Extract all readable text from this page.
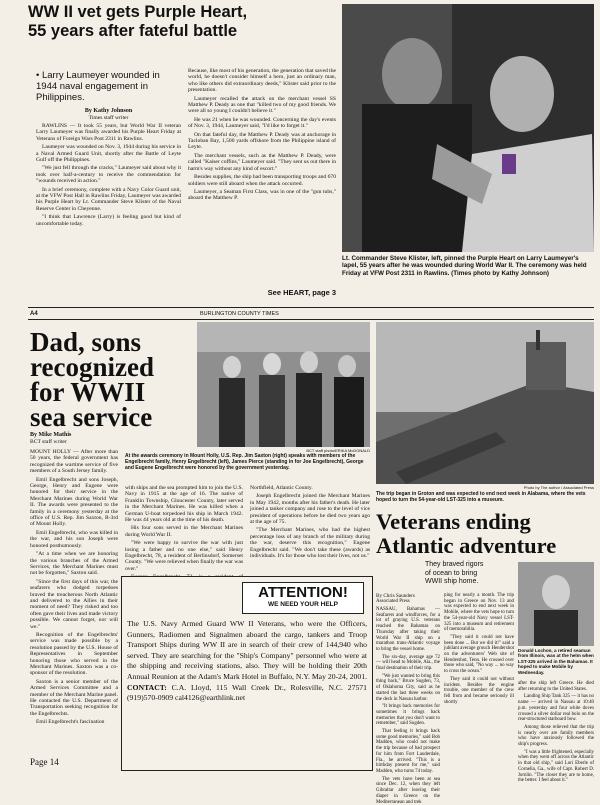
WW II vet gets Purple Heart,
55 years after fateful battle
• Larry Laumeyer wounded in
1944 naval engagement in
Philippines.
By Kathy Johnson
Times staff writer

RAWLINS — It took 55 years, but World War II veteran Larry Laumeyer was finally awarded his Purple Heart Friday at Veterans of Foreign Wars Post 2311 in Rawlins.

Laumeyer was wounded on Nov. 3, 1944 during his service in a Naval Armed Guard Unit, shortly after the Battle of Leyte Gulf off the Philippines.

"We just fell through the cracks," Laumeyer said about why it took over half-a-century to receive the commendation for "wounds received in action."

In a brief ceremony, complete with a Navy Color Guard unit, at the VFW Post Hall in Rawlins Friday, Laumeyer was awarded his Purple Heart by Lt. Commander Steve Klister of the Naval Reserve Center in Cheyenne.

"I think that Lawrence (Larry) is feeling good but kind of uncomfortable today.

Because, like most of his generation, the generation that saved the world, he doesn't consider himself a hero, just an ordinary man, who like others did extraordinary deeds," Klister said prior to the presentation.

Laumeyer recalled the attack on the merchant vessel SS Matthew P. Deady as one that "killed two of my good friends. We were all so young I couldn't believe it."

He was 21 when he was wounded. Concerning the day's events of Nov. 3, 1944, Laumeyer said, "I'd like to forget it."

On that fateful day, the Matthew P. Deady was at anchorage in Tacloban Bay, 1,500 yards offshore from the Philippine island of Leyte.

The merchant vessels, such as the Matthew P. Deady, were called "Kaiser coffins," Laumeyer said. "They sent us out there in harm's way without any kind of escort."

Besides supplies, the ship had been transporting troops and 670 soldiers were still aboard when the attack occurred.

Laumeyer, a Seaman First Class, was in one of the "gun tubs," aboard the Matthew P.

See HEART, page 3
Lt. Commander Steve Klister, left, pinned the Purple Heart on Larry Laumeyer's lapel, 55 years after he was wounded during World War II. The ceremony was held Friday at VFW Post 2311 in Rawlins. (Times photo by Kathy Johnson)
A4	BURLINGTON COUNTY TIMES
Dad, sons
recognized
for WWII
sea service
By Mike Mathis
BCT staff writer
BCT staff photo/ERIKA McDONALD
At the awards ceremony in Mount Holly, U.S. Rep. Jim Saxton (right) speaks with members of the Engelbrecht family, Henry Engelbrecht (left), James Pierce (standing in for Joe Engelbrecht), George and Eugene Engelbrecht were honored by the government yesterday.

MOUNT HOLLY — After more than 50 years, the federal government has recognized the wartime service of five members of a South Jersey family.

Emil Engelbrecht and sons Joseph, George, Henry and Eugene were honored for their service in the Merchant Marines during World War II. The awards were presented to the family in a ceremony yesterday at the office of U.S. Rep. Jim Saxton, R-3rd of Mount Holly.

Emil Engelbrecht, who was killed in the war, and his son Joseph were honored posthumously.

"At a time when we are honoring the various branches of the Armed Services, the Merchant Marines must not be forgotten," Saxton said.

"Since the first days of this war, the seafarers who dodged torpedoes braved the treacherous North Atlantic and delivered to the Allies in their moment of need? They risked and too often gave their lives and made victory possible. We cannot forget, nor will we."

Recognition of the Engelbrechts' service was made possible by a resolution passed by the U.S. House of Representatives in September honoring those who served in the Merchant Marines. Saxton was a co-sponsor of the resolution.

Saxton is a senior member of the Armed Services Committee and a member of the Merchant Marine panel. He contacted the U.S. Department of Transportation seeking recognition for the Engelbrechts.

Emil Engelbrecht's fascination

with ships and the sea prompted him to join the U.S. Navy in 1915 at the age of 16. The native of Franklin Township, Gloucester County, later served in the Merchant Marines. He was killed when a German U-boat torpedoed his ship in March 1942. He was 44 years old at the time of his death.

His four sons served in the Merchant Marines during World War II.

"We were happy to survive the war with just losing a father and no one else," said Henry Engelbrecht, 78, a resident of Berlinsdorf, Somerset County. "We were relieved when finally the war was over."

Northfield, Atlantic County.

Joseph Engelbrecht joined the Merchant Marines in May 1942, months after his father's death. He later joined a tanker company and rose to the level of vice president of operations before he died two years ago at the age of 75.

"The Merchant Marines, who had the highest percentage loss of any branch of the military during the war, deserve this recognition," Eugene Engelbrecht said. "We don't take these (awards) as individuals. It's for those who lost their lives, not us."

ATTENTION!
WE NEED YOUR HELP
The U.S. Navy Armed Guard WW II Veterans, who were the Officers, Gunners, Radiomen and Signalmen aboard the cargo, tankers and Troop Transport Ships during WW II are in search of their crew of 144,940 who served. They are searching for the "Ship's Company" personnel who were at the shipping and receiving stations, also. They will be holding their 20th Annual Reunion at the Adam's Mark Hotel in Buffalo, N.Y. May 20-24, 2001. CONTACT: C.A. Lloyd, 115 Wall Creek Dr., Rolesville, N.C. 27571 (919)570-0909 cal4126@earthlink.net
Page 14
Photo by The author / Associated Press
The trip began in Groton and was expected to end next week in Alabama, where the vets hoped to turn the 54-year-old LST-325 into a museum.
Veterans ending
Atlantic adventure
They braved rigors
of ocean to bring
WWII ship home.
By Chris Saunders
Associated Press

NASSAU, Bahamas — Seafarers and windforces, for a lot of graying U.S. veterans reached the Bahamas on Thursday after taking their World War II ship on a marathon trans-Atlantic voyage to bring the vessel home.

The six-day, average age 72 — will head to Mobile, Ala., the final destination of their trip.

"We just wanted to bring this thing back," Bruce Sugden, 73, of Oklahoma City, said as he started the last three weeks on the deck in Nassau harbor.

"It brings back memories for sometimes it brings back memories that you don't want to remember," said Sugden.

That feeling it brings back some good memories," said Bob Madden, who could not make the trip because of bad prospect for him from Fort Lauderdale, Fla., he arrived. "This is a birthday present for me," said Madden, who turns 74 today.

The vets have been at sea since Dec. 12, when they left Gibraltar after leaving their diaper in Greece on the Mediterranean and trek

ping for nearly a month. The trip began in Greece on Nov. 13 and was expected to end next week in Mobile, where the vets hope to turn the 54-year-old Navy vessel LST-325 into a museum and retirement of memorabilia.

"They said it could not have been done ... But we did it!" said a jubilant average grouch Hendershot on the adventurers' Web site of Hendershot, Tenn. He crossed over those who said, "No way ... no way to cross the ocean."

They said it could not without incident. Besides the engine trouble, one member of the crew fell from and became seriously ill shortly

Donald Lochon, a retired seaman from Illinois, was at the helm when LST-325 arrived in the Bahamas. It hoped to make Mobile by Wednesday.

after the ship left Greece. He died after returning to the United States.

Landing Ship Tank 325 — it has no name — arrived in Nassau at 10:40 p.m. yesterday and four white doves crossed a silver dollar real bolo on the rear-structured starboard bow.

Among those relieved that the trip is nearly over are family members who have anxiously followed the ship's progress.

"I was a little frightened, especially when they went off across the Atlantic in that old ship," said Lori Eberle of Cornelia, Ga., wife of Capt. Robert D. Jornlin. "The closer they are to home, the better. I feel about it."
